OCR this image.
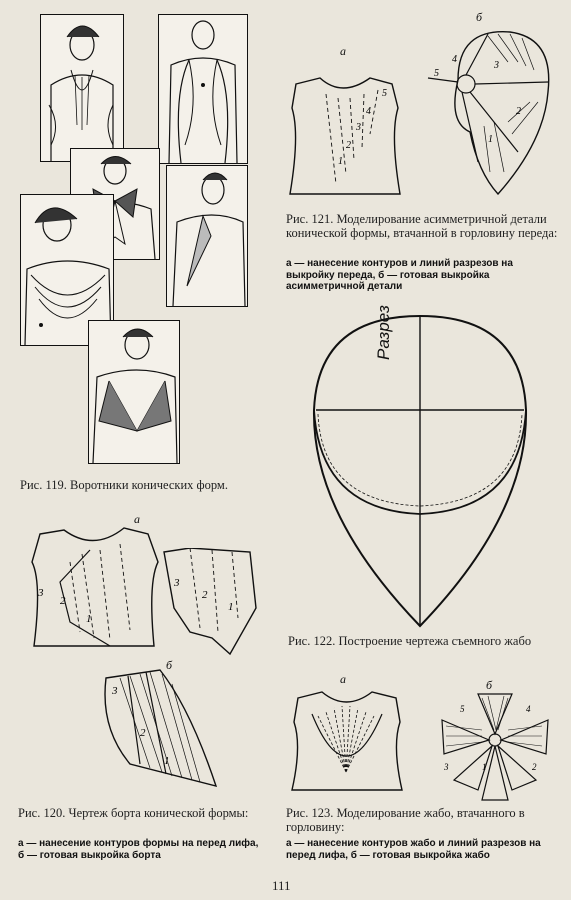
Рис. 119. Воротники конических форм.
а
3
2
1
3
2
1
б
3
2
1
Рис. 120. Чертеж борта конической формы:
а — нанесение контуров формы на перед лифа, б — готовая выкройка борта
а
1
2
3
4
5
б
5
4
3
2
1
Рис. 121. Моделирование асимметричной детали конической формы, втачанной в горловину переда:
а — нанесение контуров и линий разрезов на выкройку переда, б — готовая выкройка асимметричной детали
Разрез
Рис. 122. Построение чертежа съемного жабо
а	б
5
3	1	2
4
Рис. 123. Моделирование жабо, втачанного в горловину:
а — нанесение контуров жабо и линий разрезов на перед лифа, б — готовая выкройка жабо
111
